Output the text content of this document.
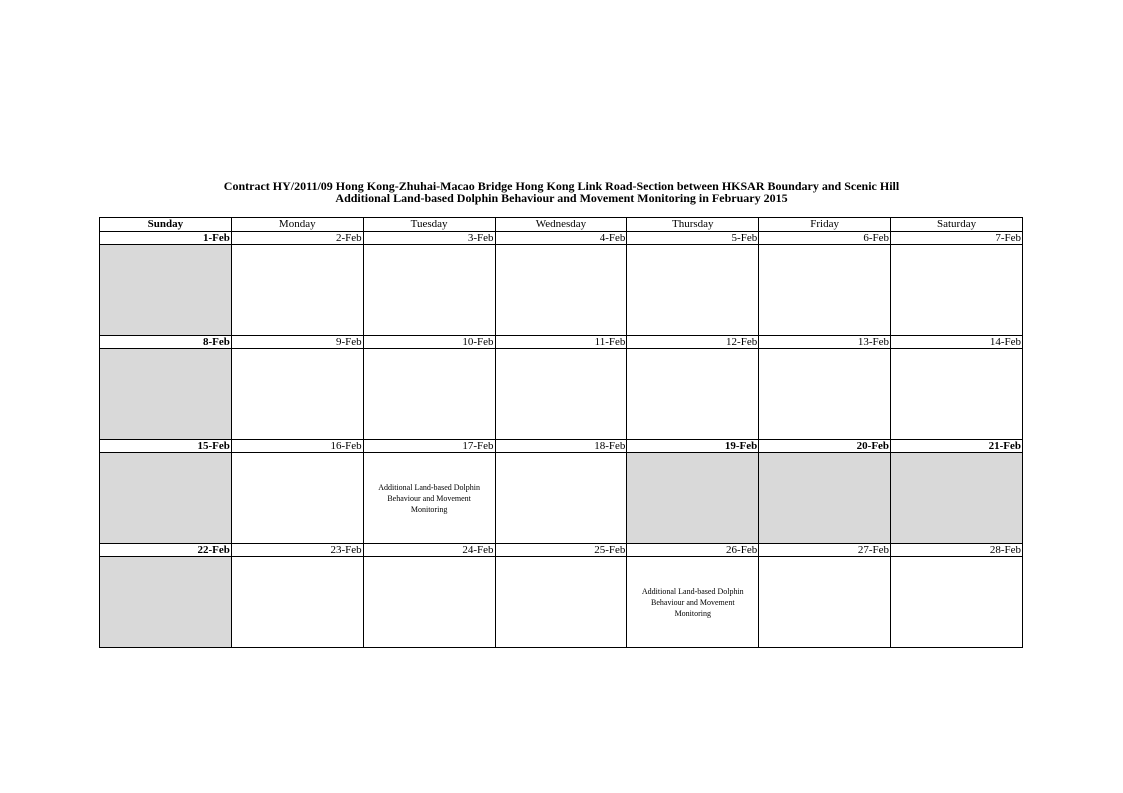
Contract HY/2011/09 Hong Kong-Zhuhai-Macao Bridge Hong Kong Link Road-Section between HKSAR Boundary and Scenic Hill
Additional Land-based Dolphin Behaviour and Movement Monitoring in February 2015
Sunday	Monday	Tuesday	Wednesday	Thursday	Friday	Saturday
1-Feb	2-Feb	3-Feb	4-Feb	5-Feb	6-Feb	7-Feb

8-Feb	9-Feb	10-Feb	11-Feb	12-Feb	13-Feb	14-Feb

15-Feb	16-Feb	17-Feb	18-Feb	19-Feb	20-Feb	21-Feb

		Additional Land-based Dolphin Behaviour and Movement Monitoring				

22-Feb	23-Feb	24-Feb	25-Feb	26-Feb	27-Feb	28-Feb

				Additional Land-based Dolphin Behaviour and Movement Monitoring		
